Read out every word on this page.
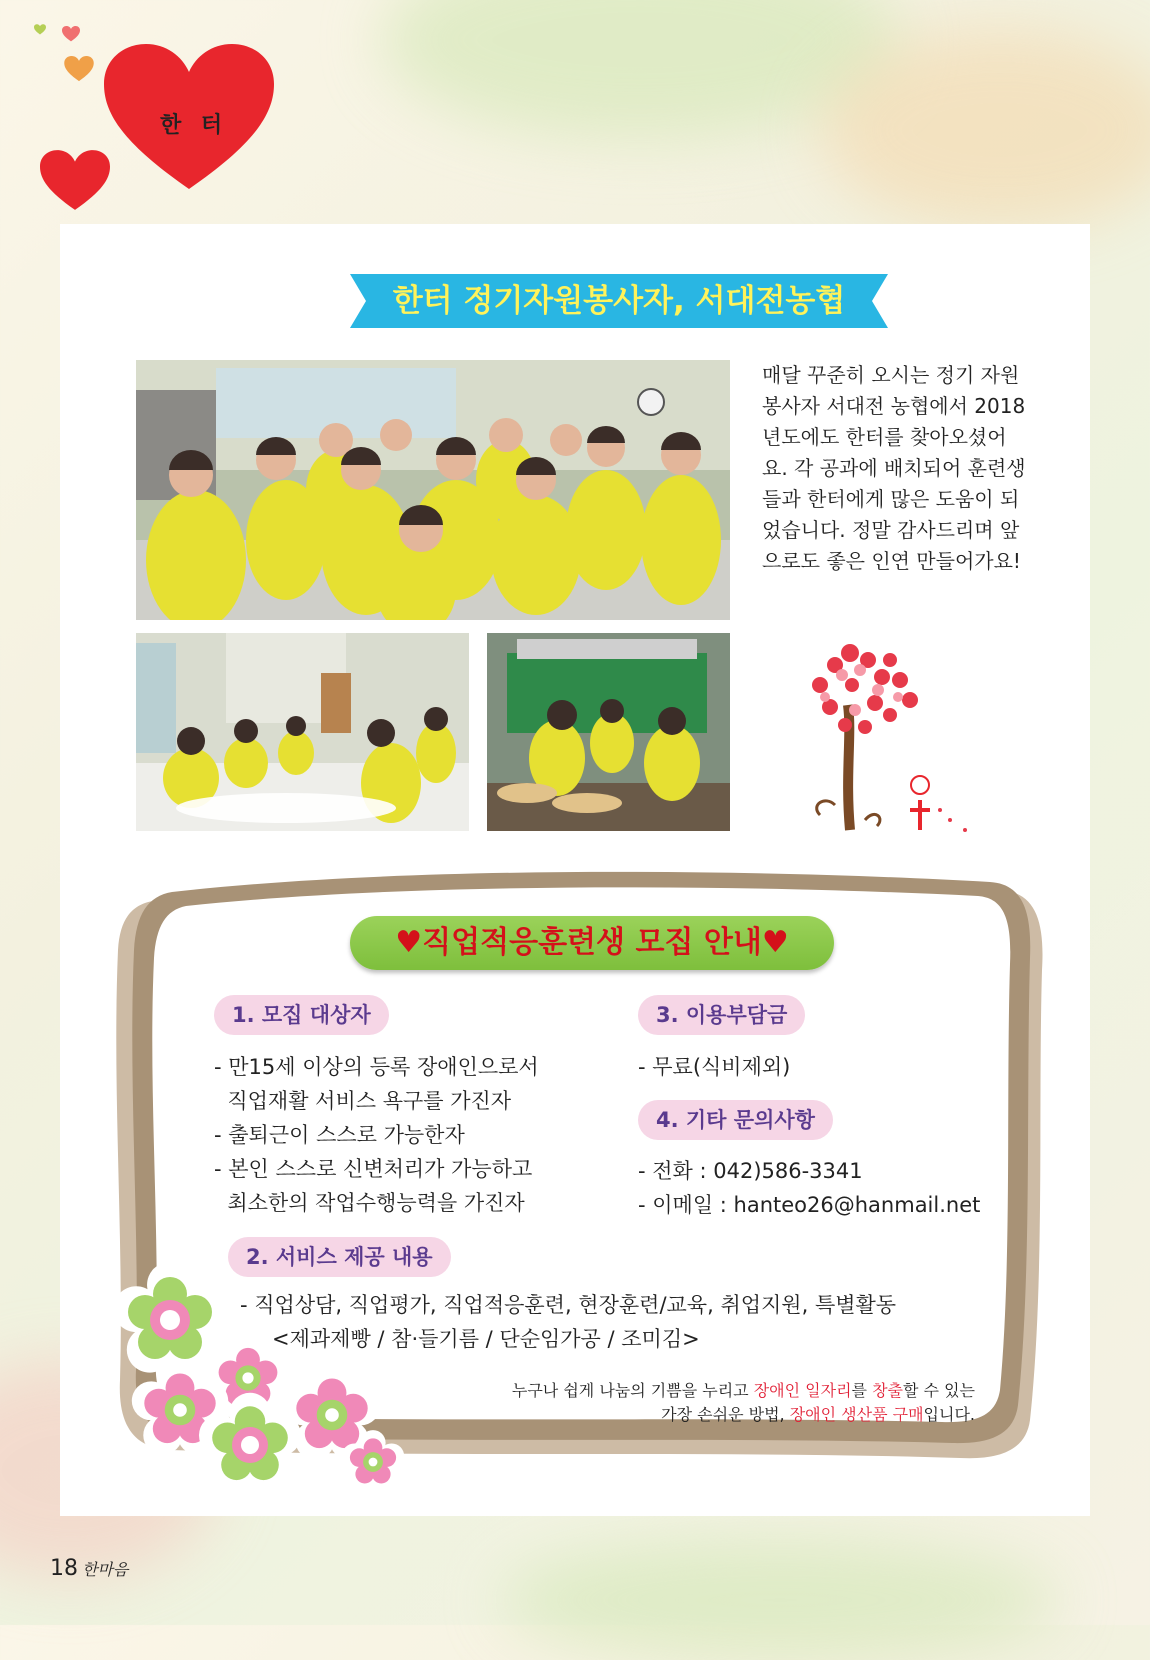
한 터
한터 정기자원봉사자, 서대전농협
매달 꾸준히 오시는 정기 자원
봉사자 서대전 농협에서 2018
년도에도 한터를 찾아오셨어
요. 각 공과에 배치되어 훈련생
들과 한터에게 많은 도움이 되
었습니다. 정말 감사드리며 앞
으로도 좋은 인연 만들어가요!
♥직업적응훈련생 모집 안내♥
1. 모집 대상자
- 만15세 이상의 등록 장애인으로서
직업재활 서비스 욕구를 가진자
- 출퇴근이 스스로 가능한자
- 본인 스스로 신변처리가 가능하고
최소한의 작업수행능력을 가진자
3. 이용부담금
- 무료(식비제외)
4. 기타 문의사항
- 전화 : 042)586-3341
- 이메일 : hanteo26@hanmail.net
2. 서비스 제공 내용
- 직업상담, 직업평가, 직업적응훈련, 현장훈련/교육, 취업지원, 특별활동
<제과제빵 / 참·들기름 / 단순임가공 / 조미김>
누구나 쉽게 나눔의 기쁨을 누리고 장애인 일자리를 창출할 수 있는
가장 손쉬운 방법, 장애인 생산품 구매입니다.
18 한마음
